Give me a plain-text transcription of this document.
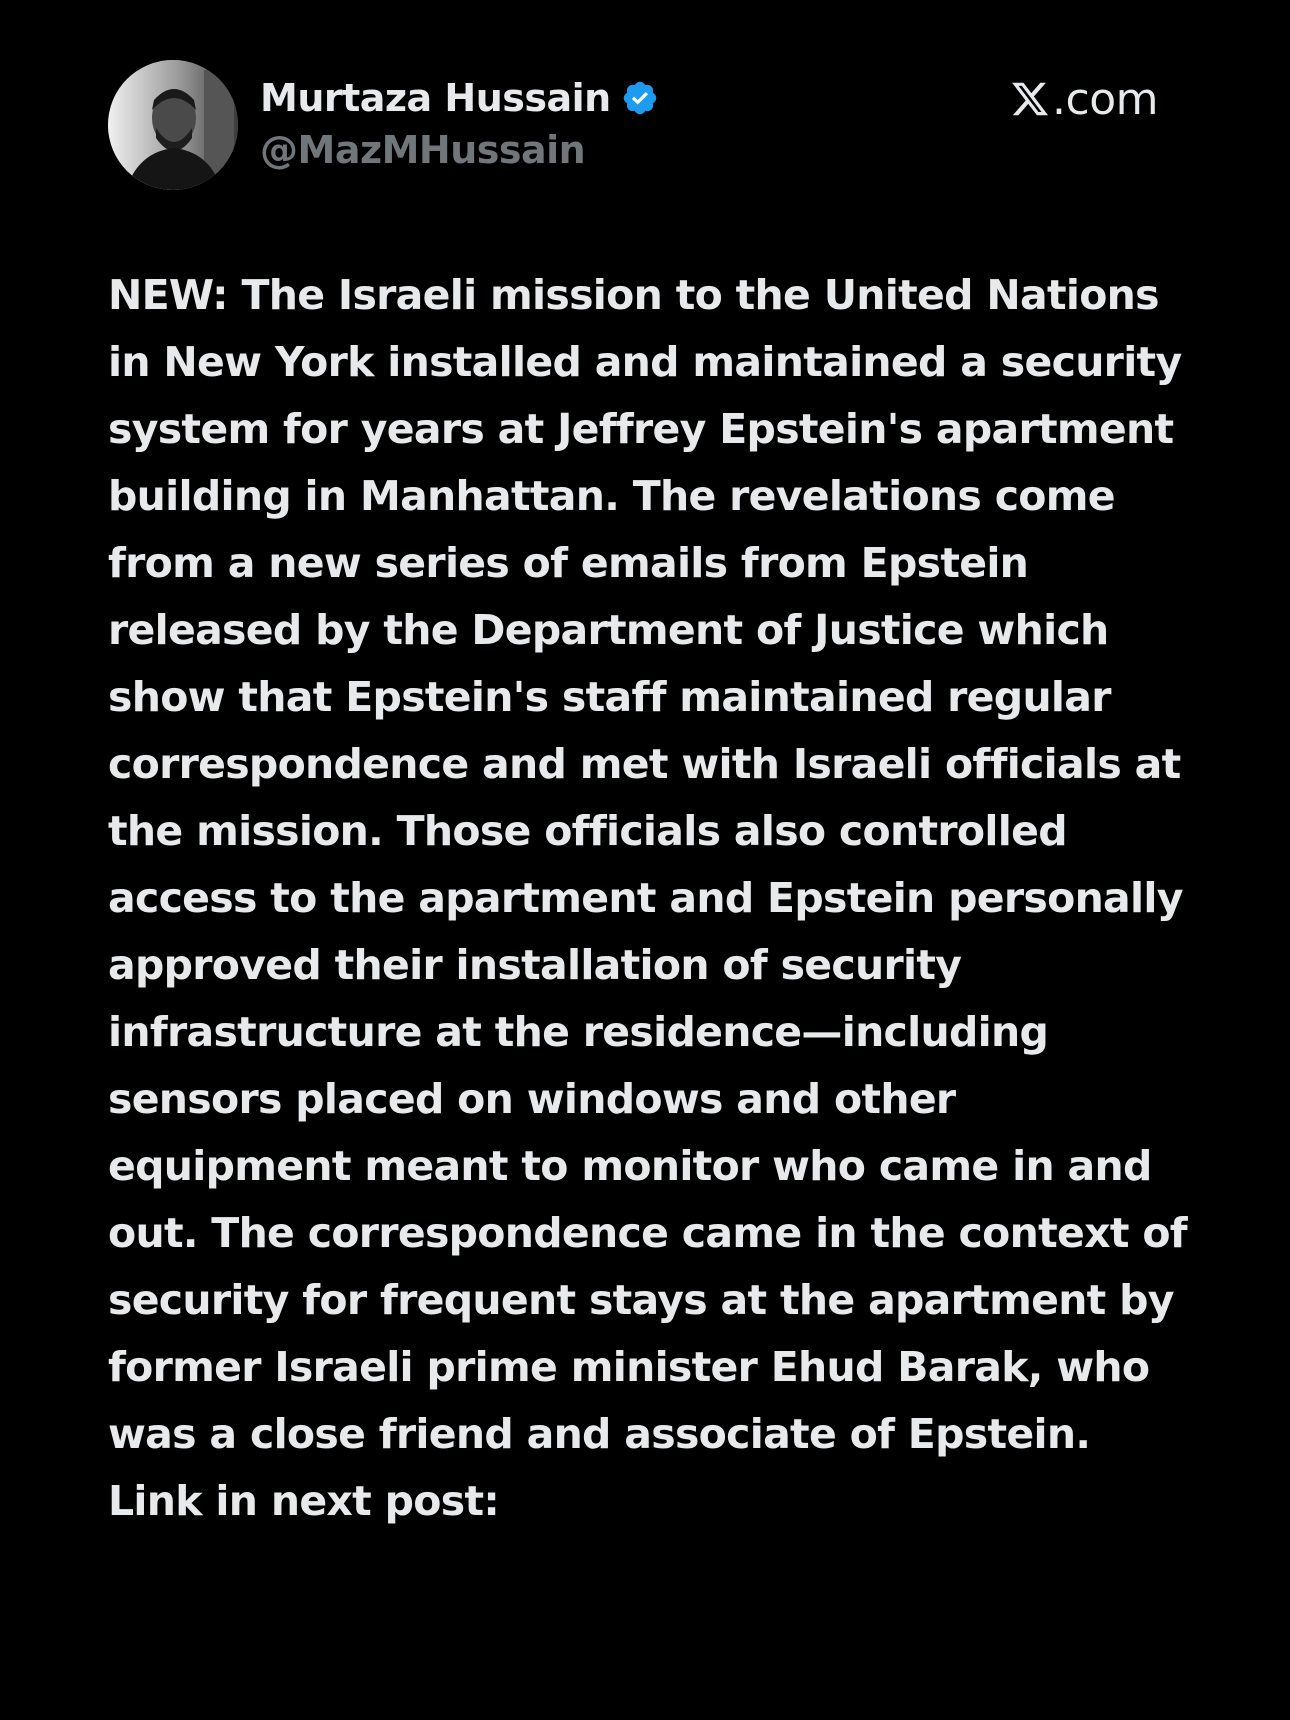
Murtaza Hussain
@MazMHussain
.com

NEW: The Israeli mission to the United Nations in New York installed and maintained a security system for years at Jeffrey Epstein's apartment building in Manhattan. The revelations come from a new series of emails from Epstein released by the Department of Justice which show that Epstein's staff maintained regular correspondence and met with Israeli officials at the mission. Those officials also controlled access to the apartment and Epstein personally approved their installation of security infrastructure at the residence—including sensors placed on windows and other equipment meant to monitor who came in and out. The correspondence came in the context of security for frequent stays at the apartment by former Israeli prime minister Ehud Barak, who was a close friend and associate of Epstein. Link in next post:
